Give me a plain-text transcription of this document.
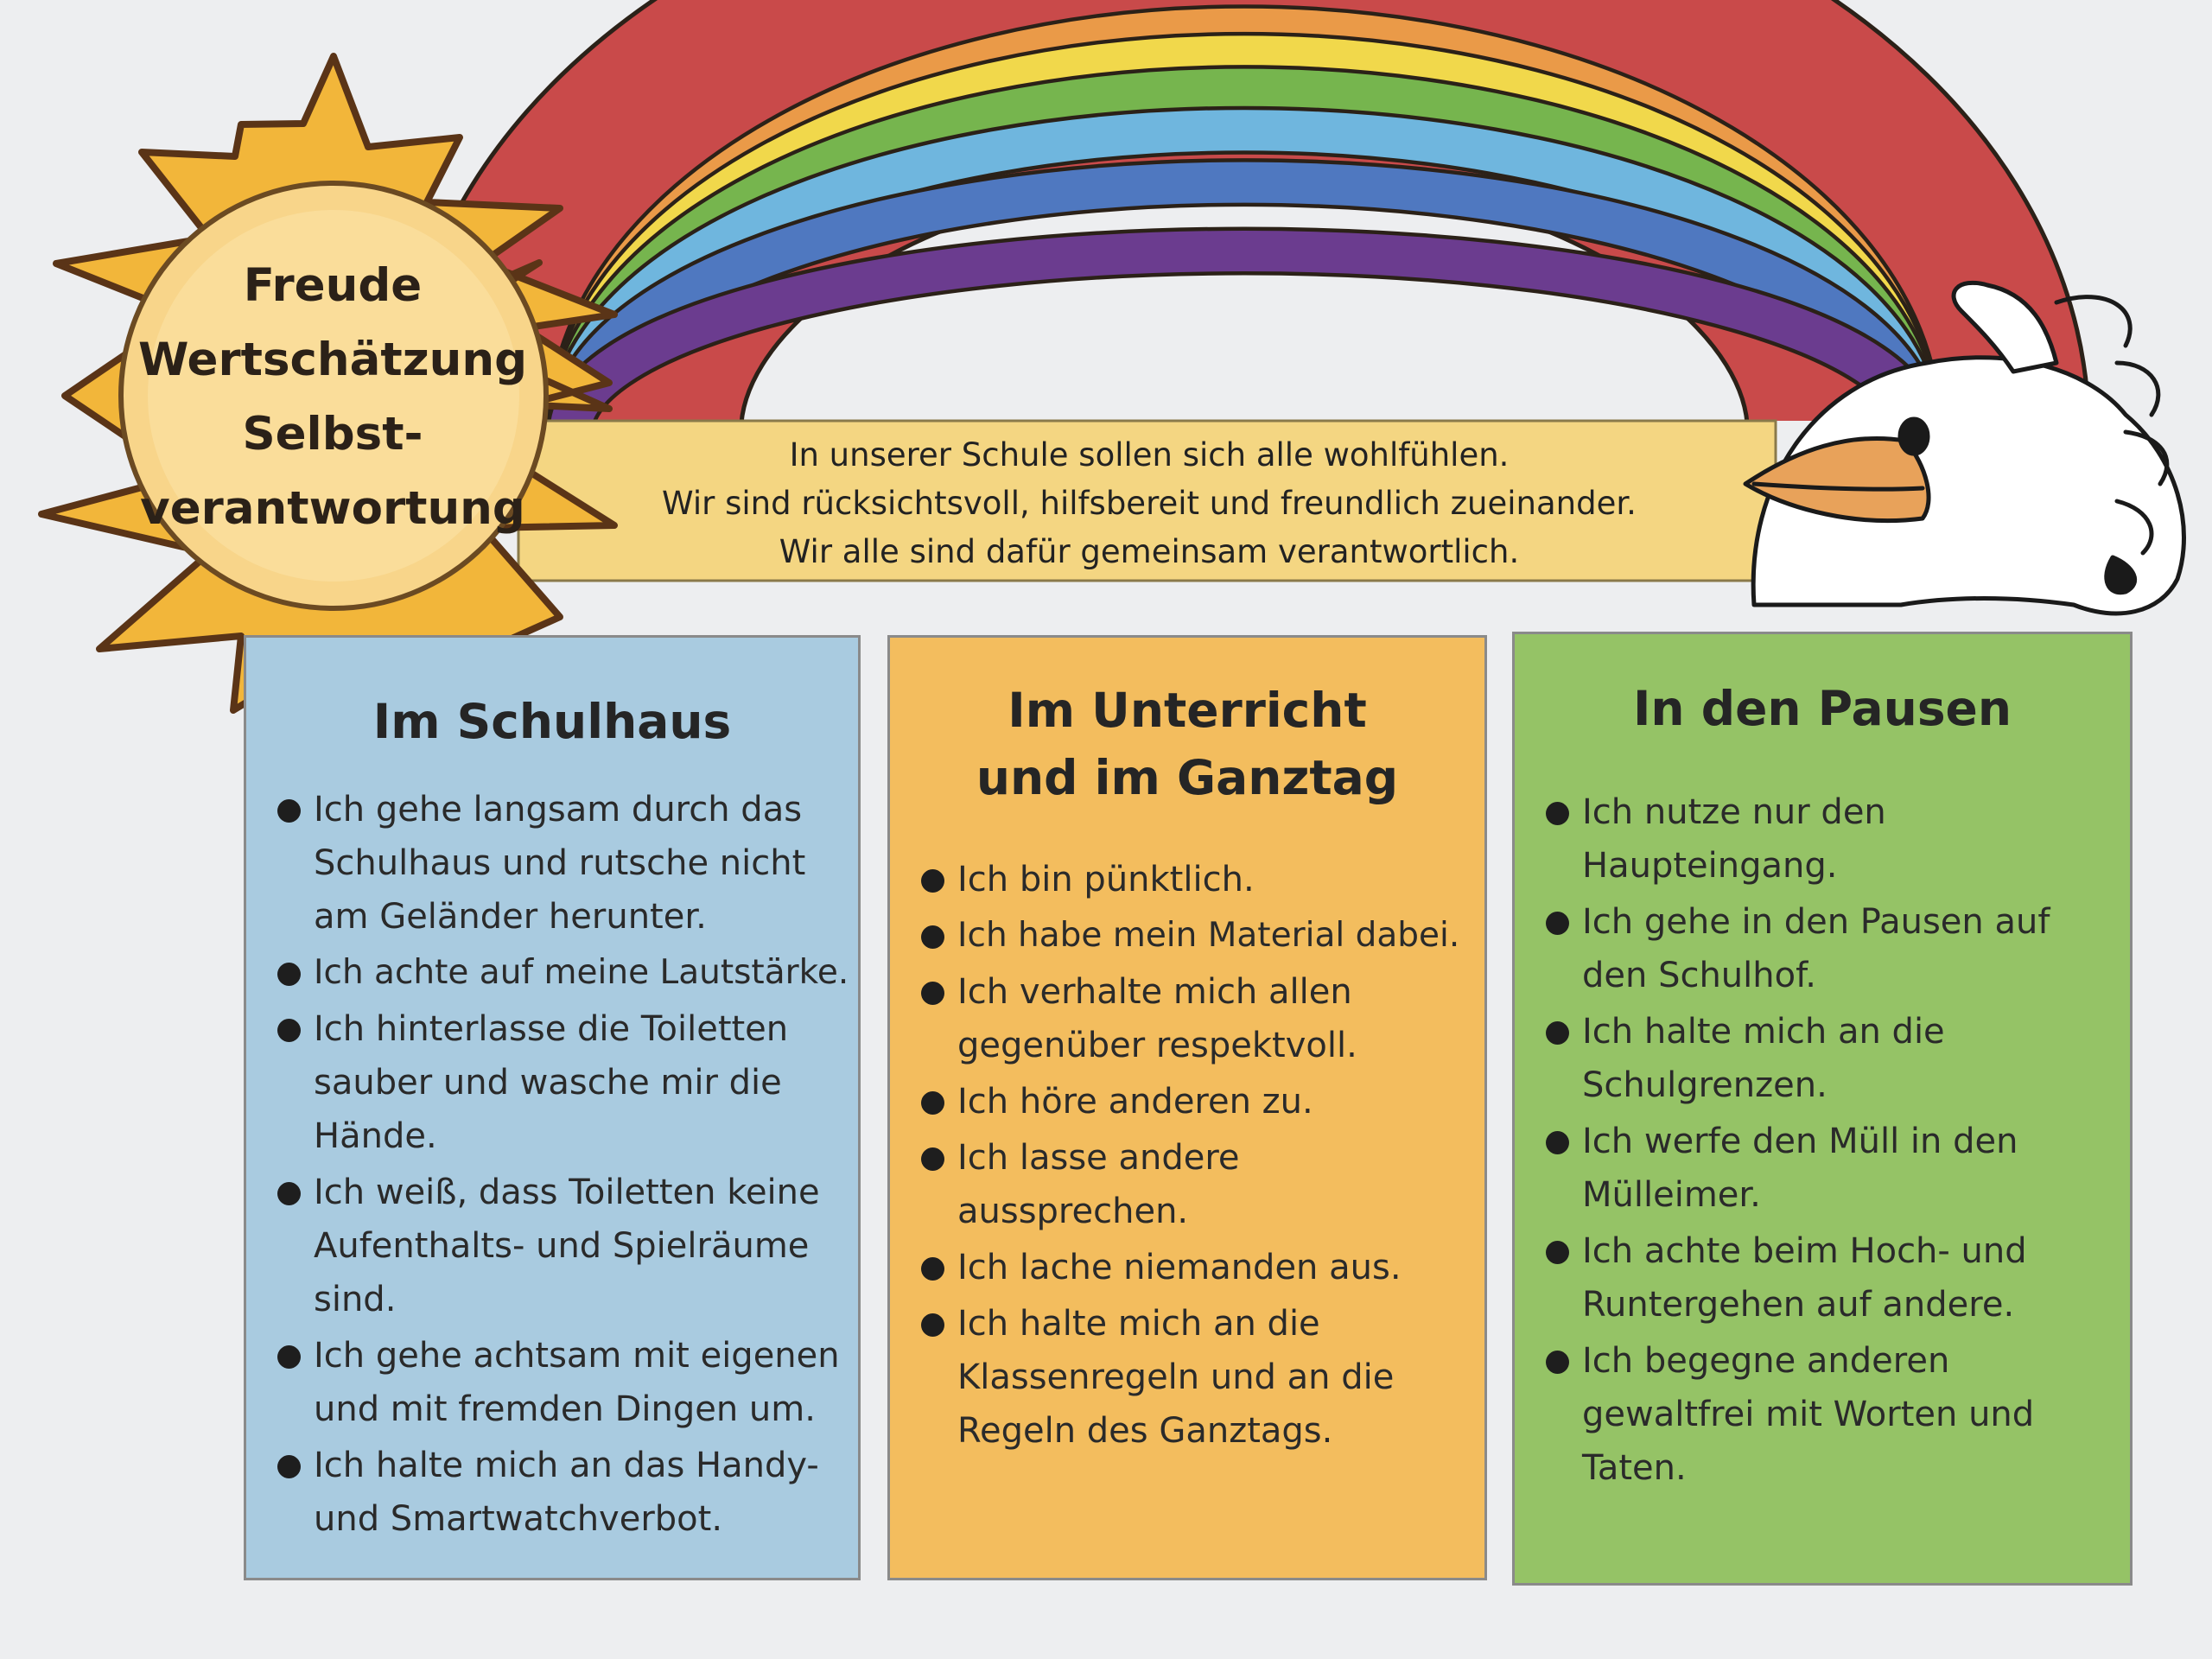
Freude
Wertschätzung
Selbst-
verantwortung
In unserer Schule sollen sich alle wohlfühlen.
Wir sind rücksichtsvoll, hilfsbereit und freundlich zueinander.
Wir alle sind dafür gemeinsam verantwortlich.
Im Schulhaus
Ich gehe langsam durch das
Schulhaus und rutsche nicht
am Geländer herunter.
Ich achte auf meine Lautstärke.
Ich hinterlasse die Toiletten
sauber und wasche mir die
Hände.
Ich weiß, dass Toiletten keine
Aufenthalts- und Spielräume
sind.
Ich gehe achtsam mit eigenen
und mit fremden Dingen um.
Ich halte mich an das Handy-
und Smartwatchverbot.
Im Unterricht
und im Ganztag
Ich bin pünktlich.
Ich habe mein Material dabei.
Ich verhalte mich allen
gegenüber respektvoll.
Ich höre anderen zu.
Ich lasse andere
aussprechen.
Ich lache niemanden aus.
Ich halte mich an die
Klassenregeln und an die
Regeln des Ganztags.
In den Pausen
Ich nutze nur den
Haupteingang.
Ich gehe in den Pausen auf
den Schulhof.
Ich halte mich an die
Schulgrenzen.
Ich werfe den Müll in den
Mülleimer.
Ich achte beim Hoch- und
Runtergehen auf andere.
Ich begegne anderen
gewaltfrei mit Worten und
Taten.
